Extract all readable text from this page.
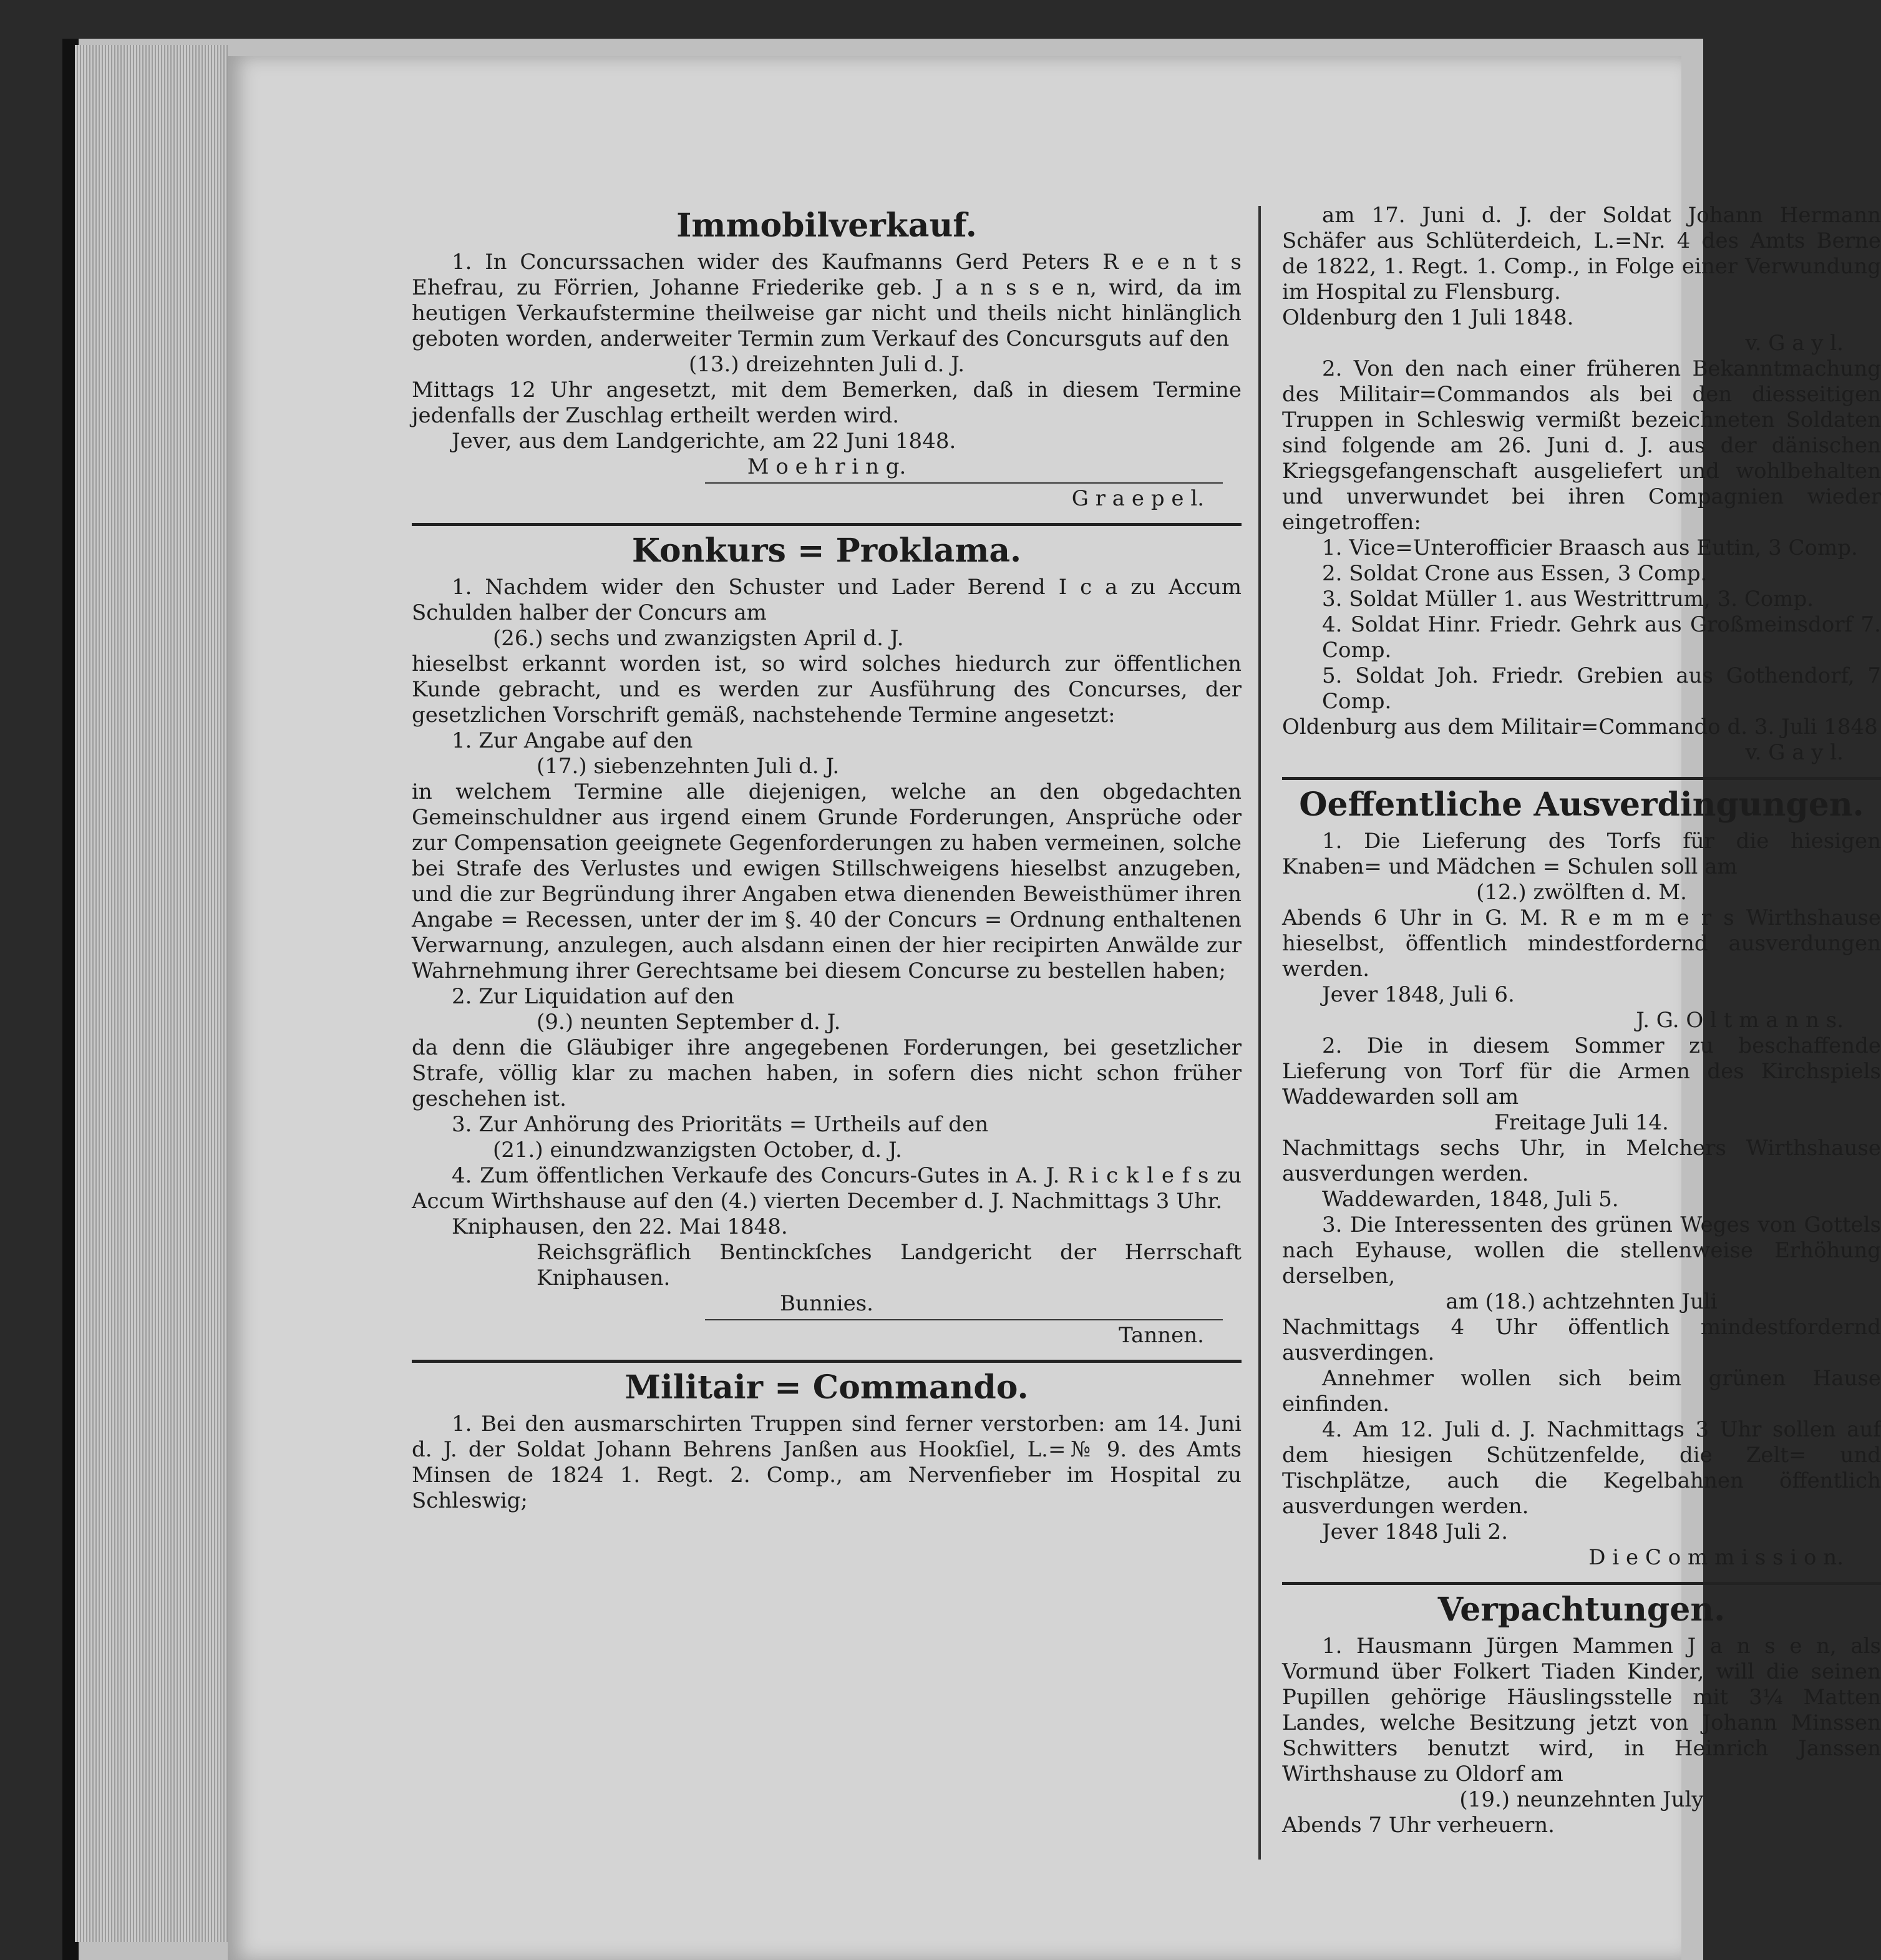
Immobilverkauf.

1. In Concurssachen wider des Kaufmanns Gerd Peters R e e n t s Ehefrau, zu Förrien, Johanne Friederike geb. J a n s s e n, wird, da im heutigen Verkaufstermine theilweise gar nicht und theils nicht hinlänglich geboten worden, anderweiter Termin zum Verkauf des Concursguts auf den

(13.) dreizehnten Juli d. J.

Mittags 12 Uhr angesetzt, mit dem Bemerken, daß in diesem Termine jedenfalls der Zuschlag ertheilt werden wird.

Jever, aus dem Landgerichte, am 22 Juni 1848.

M o e h r i n g.

G r a e p e l.

Konkurs = Proklama.

1. Nachdem wider den Schuster und Lader Berend I c a zu Accum Schulden halber der Concurs am

(26.) sechs und zwanzigsten April d. J.

hieselbst erkannt worden ist, so wird solches hiedurch zur öffentlichen Kunde gebracht, und es werden zur Ausführung des Concurses, der gesetzlichen Vorschrift gemäß, nachstehende Termine angesetzt:

1. Zur Angabe auf den

(17.) siebenzehnten Juli d. J.

in welchem Termine alle diejenigen, welche an den obgedachten Gemeinschuldner aus irgend einem Grunde Forderungen, Ansprüche oder zur Compensation geeignete Gegenforderungen zu haben vermeinen, solche bei Strafe des Verlustes und ewigen Stillschweigens hieselbst anzugeben, und die zur Begründung ihrer Angaben etwa dienenden Beweisthümer ihren Angabe = Recessen, unter der im §. 40 der Concurs = Ordnung enthaltenen Verwarnung, anzulegen, auch alsdann einen der hier recipirten Anwälde zur Wahrnehmung ihrer Gerechtsame bei diesem Concurse zu bestellen haben;

2. Zur Liquidation auf den

(9.) neunten September d. J.

da denn die Gläubiger ihre angegebenen Forderungen, bei gesetzlicher Strafe, völlig klar zu machen haben, in sofern dies nicht schon früher geschehen ist.

3. Zur Anhörung des Prioritäts = Urtheils auf den

(21.) einundzwanzigsten October, d. J.

4. Zum öffentlichen Verkaufe des Concurs-Gutes in A. J. R i c k l e f s zu Accum Wirthshause auf den (4.) vierten December d. J. Nachmittags 3 Uhr.

Kniphausen, den 22. Mai 1848.

Reichsgräflich Bentinckſches Landgericht der Herrschaft Kniphausen.

Bunnies.

Tannen.

Militair = Commando.

1. Bei den ausmarschirten Truppen sind ferner verstorben: am 14. Juni d. J. der Soldat Johann Behrens Janßen aus Hookſiel, L.=№ 9. des Amts Minsen de 1824 1. Regt. 2. Comp., am Nervenfieber im Hospital zu Schleswig;

am 17. Juni d. J. der Soldat Johann Hermann Schäfer aus Schlüterdeich, L.=Nr. 4 des Amts Berne de 1822, 1. Regt. 1. Comp., in Folge einer Verwundung im Hospital zu Flensburg.

Oldenburg den 1 Juli 1848.

v. G a y l.

2. Von den nach einer früheren Bekanntmachung des Militair=Commandos als bei den diesseitigen Truppen in Schleswig vermißt bezeichneten Soldaten sind folgende am 26. Juni d. J. aus der dänischen Kriegsgefangenschaft ausgeliefert und wohlbehalten und unverwundet bei ihren Compagnien wieder eingetroffen:

1. Vice=Unterofficier Braasch aus Eutin, 3 Comp.

2. Soldat Crone aus Essen, 3 Comp.

3. Soldat Müller 1. aus Westrittrum, 3. Comp.

4. Soldat Hinr. Friedr. Gehrk aus Großmeinsdorf 7. Comp.

5. Soldat Joh. Friedr. Grebien aus Gothendorf, 7 Comp.

Oldenburg aus dem Militair=Commando d. 3. Juli 1848

v. G a y l.

Oeffentliche Ausverdingungen.

1. Die Lieferung des Torfs für die hiesigen Knaben= und Mädchen = Schulen soll am

(12.) zwölften d. M.

Abends 6 Uhr in G. M. R e m m e r s Wirthshause hieselbst, öffentlich mindestfordernd ausverdungen werden.

Jever 1848, Juli 6.

J. G. O l t m a n n s.

2. Die in diesem Sommer zu beschaffende Lieferung von Torf für die Armen des Kirchspiels Waddewarden soll am

Freitage Juli 14.

Nachmittags sechs Uhr, in Melchers Wirthshause ausverdungen werden.

Waddewarden, 1848, Juli 5.

3. Die Interessenten des grünen Weges von Gottels nach Eyhause, wollen die stellenweise Erhöhung derselben,

am (18.) achtzehnten Juli

Nachmittags 4 Uhr öffentlich mindestfordernd ausverdingen.

Annehmer wollen sich beim grünen Hause einfinden.

4. Am 12. Juli d. J. Nachmittags 3 Uhr sollen auf dem hiesigen Schützenfelde, die Zelt= und Tischplätze, auch die Kegelbahnen öffentlich ausverdungen werden.

Jever 1848 Juli 2.

D i e C o m m i s s i o n.

Verpachtungen.

1. Hausmann Jürgen Mammen J a n s e n, als Vormund über Folkert Tiaden Kinder, will die seinen Pupillen gehörige Häuslingsstelle mit 3¼ Matten Landes, welche Besitzung jetzt von Johann Minssen Schwitters benutzt wird, in Heinrich Janssen Wirthshause zu Oldorf am

(19.) neunzehnten July

Abends 7 Uhr verheuern.
